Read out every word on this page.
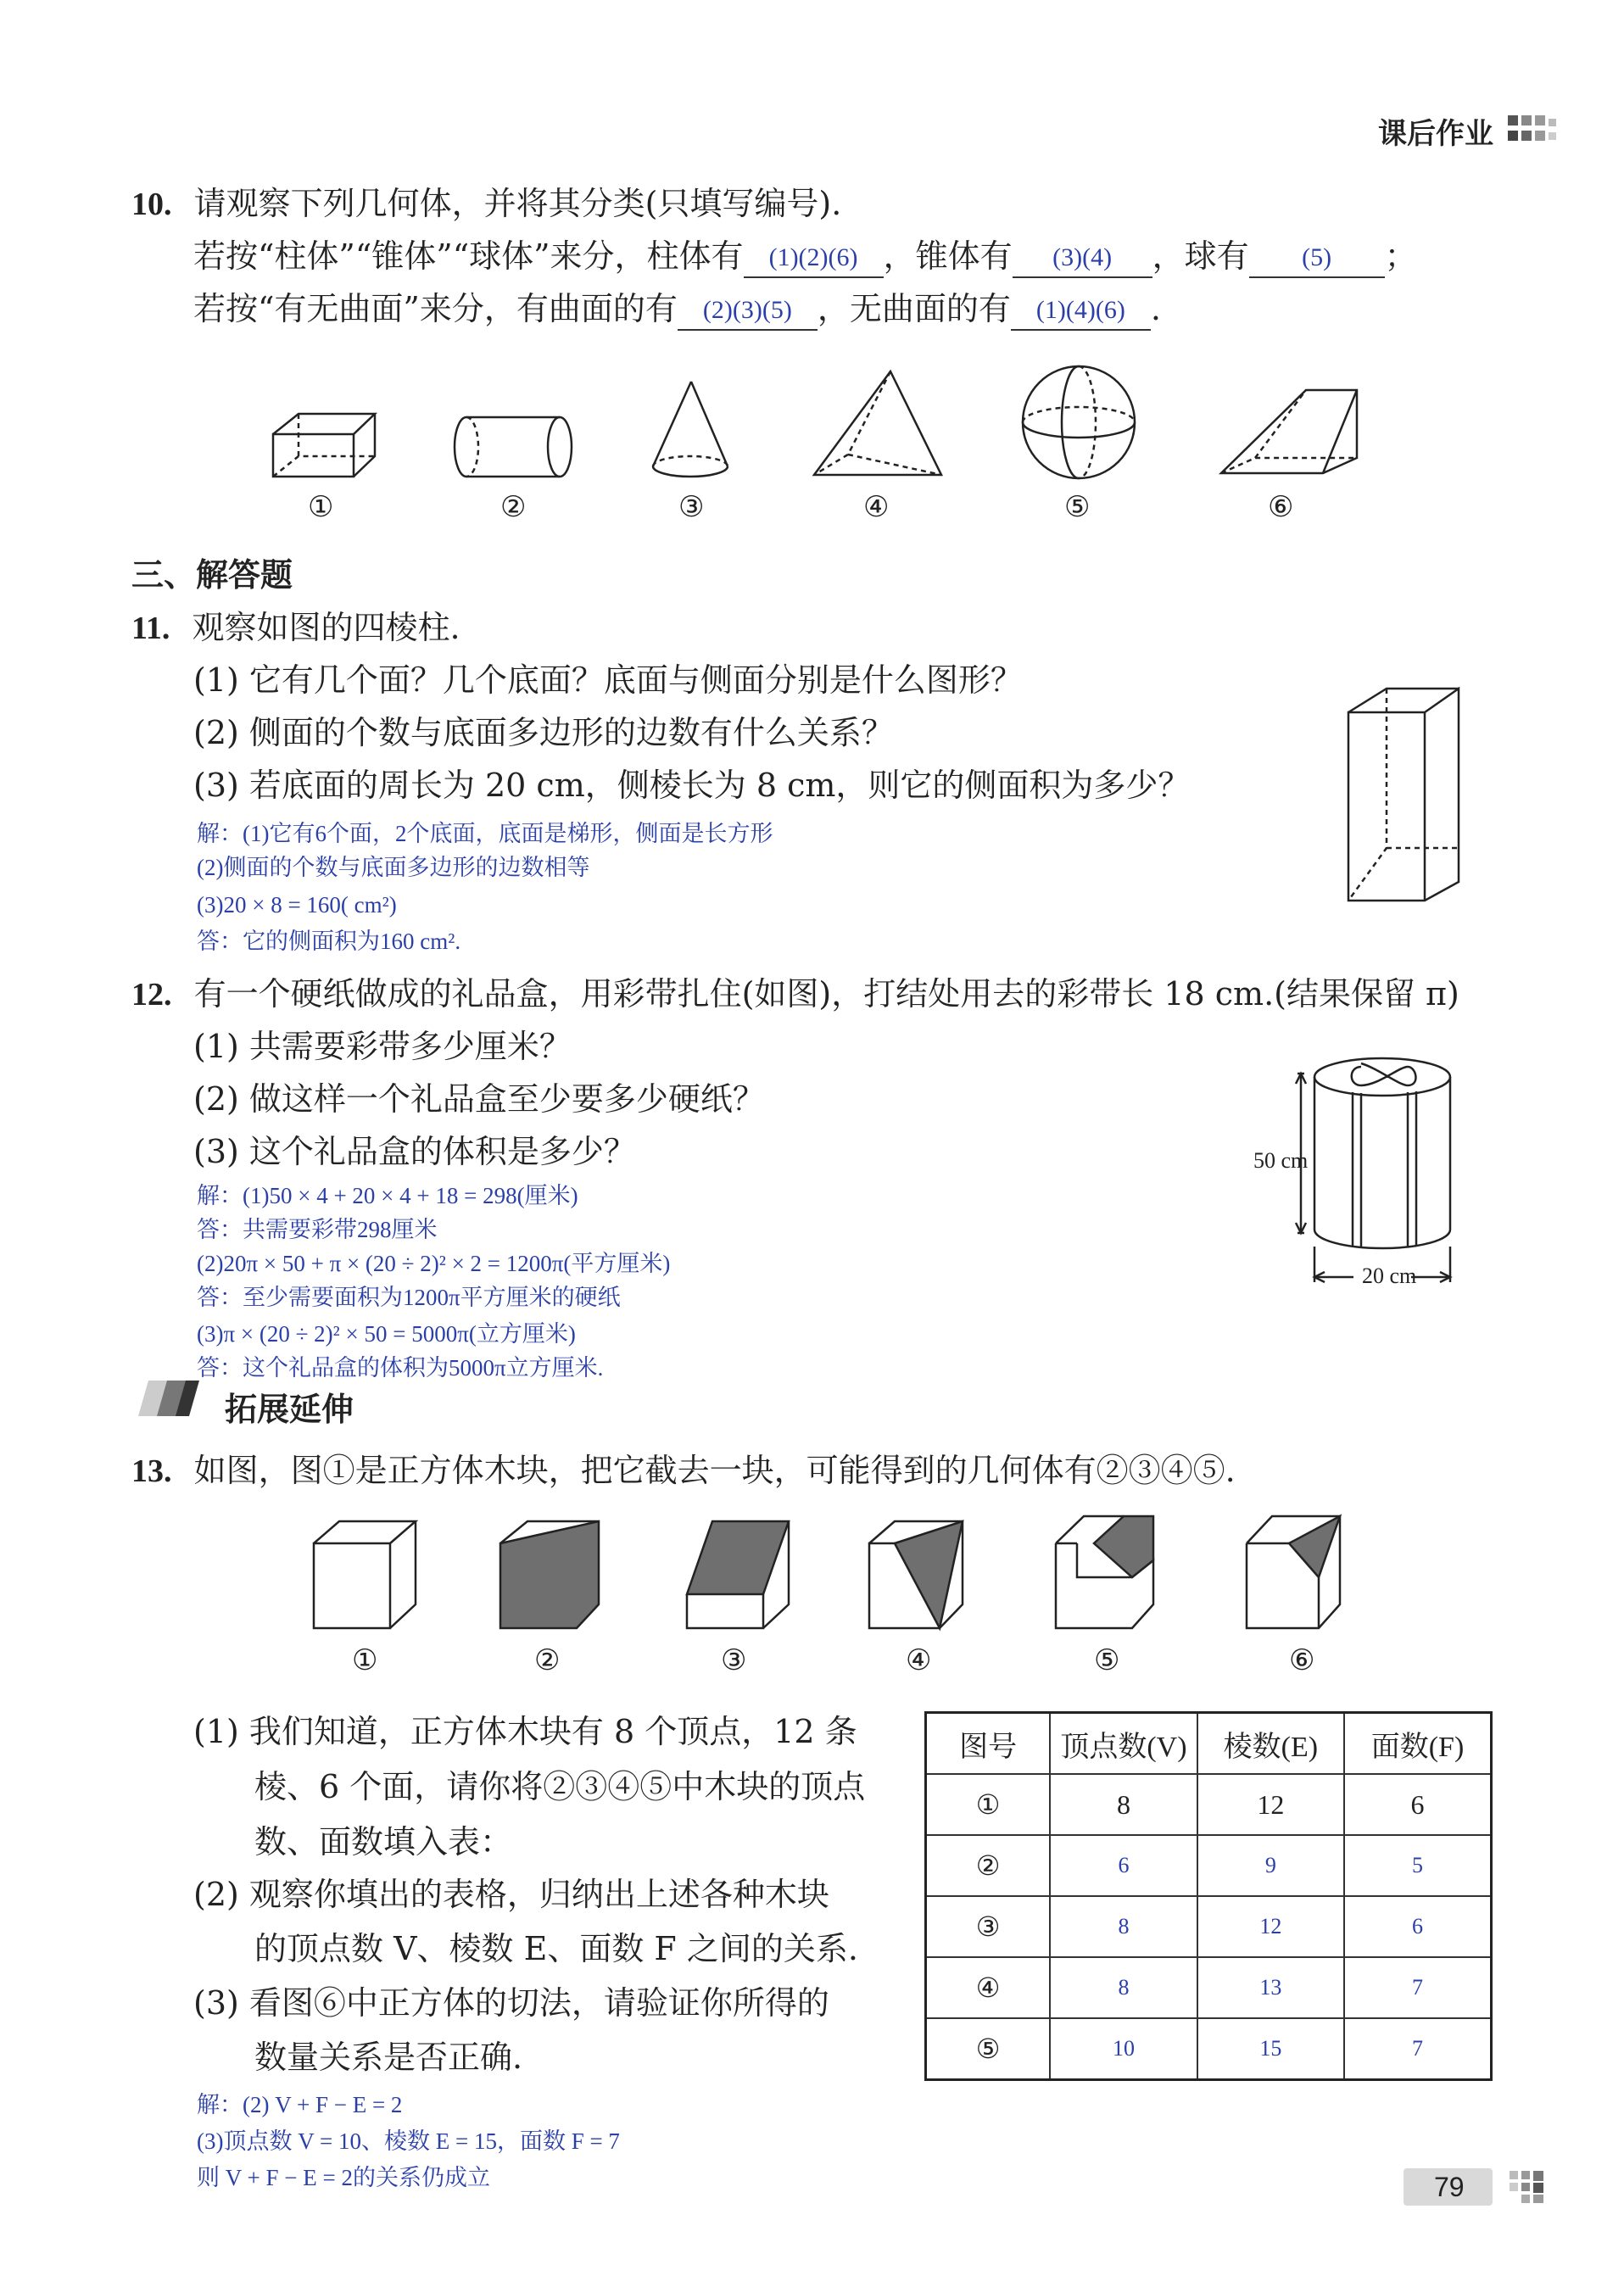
课后作业
10. 请观察下列几何体，并将其分类(只填写编号).
若按“柱体”“锥体”“球体”来分，柱体有 (1)(2)(6) ，锥体有 (3)(4) ，球有 (5) ；
若按“有无曲面”来分，有曲面的有 (2)(3)(5) ，无曲面的有 (1)(4)(6) .
①	②	③	④	⑤	⑥
三、解答题
11. 观察如图的四棱柱.
(1) 它有几个面？几个底面？底面与侧面分别是什么图形？
(2) 侧面的个数与底面多边形的边数有什么关系？
(3) 若底面的周长为 20 cm，侧棱长为 8 cm，则它的侧面积为多少？
解：(1)它有6个面，2个底面，底面是梯形，侧面是长方形
(2)侧面的个数与底面多边形的边数相等
(3)20 × 8 = 160( cm²)
答：它的侧面积为160 cm².
12. 有一个硬纸做成的礼品盒，用彩带扎住(如图)，打结处用去的彩带长 18 cm.(结果保留 π)
(1) 共需要彩带多少厘米？
(2) 做这样一个礼品盒至少要多少硬纸？
(3) 这个礼品盒的体积是多少？
解：(1)50 × 4 + 20 × 4 + 18 = 298(厘米)
答：共需要彩带298厘米
(2)20π × 50 + π × (20 ÷ 2)² × 2 = 1200π(平方厘米)
答：至少需要面积为1200π平方厘米的硬纸
(3)π × (20 ÷ 2)² × 50 = 5000π(立方厘米)
答：这个礼品盒的体积为5000π立方厘米.
50 cm
20 cm
拓展延伸
13. 如图，图①是正方体木块，把它截去一块，可能得到的几何体有②③④⑤.
①	②	③	④	⑤	⑥
(1) 我们知道，正方体木块有 8 个顶点，12 条
棱、6 个面，请你将②③④⑤中木块的顶点
数、面数填入表：
(2) 观察你填出的表格，归纳出上述各种木块
的顶点数 V、棱数 E、面数 F 之间的关系.
(3) 看图⑥中正方体的切法，请验证你所得的
数量关系是否正确.
解：(2) V + F − E = 2
(3)顶点数 V = 10、棱数 E = 15，面数 F = 7
则 V + F − E = 2的关系仍成立
图号	顶点数(V)	棱数(E)	面数(F)
①	8	12	6
②	6	9	5
③	8	12	6
④	8	13	7
⑤	10	15	7
79
